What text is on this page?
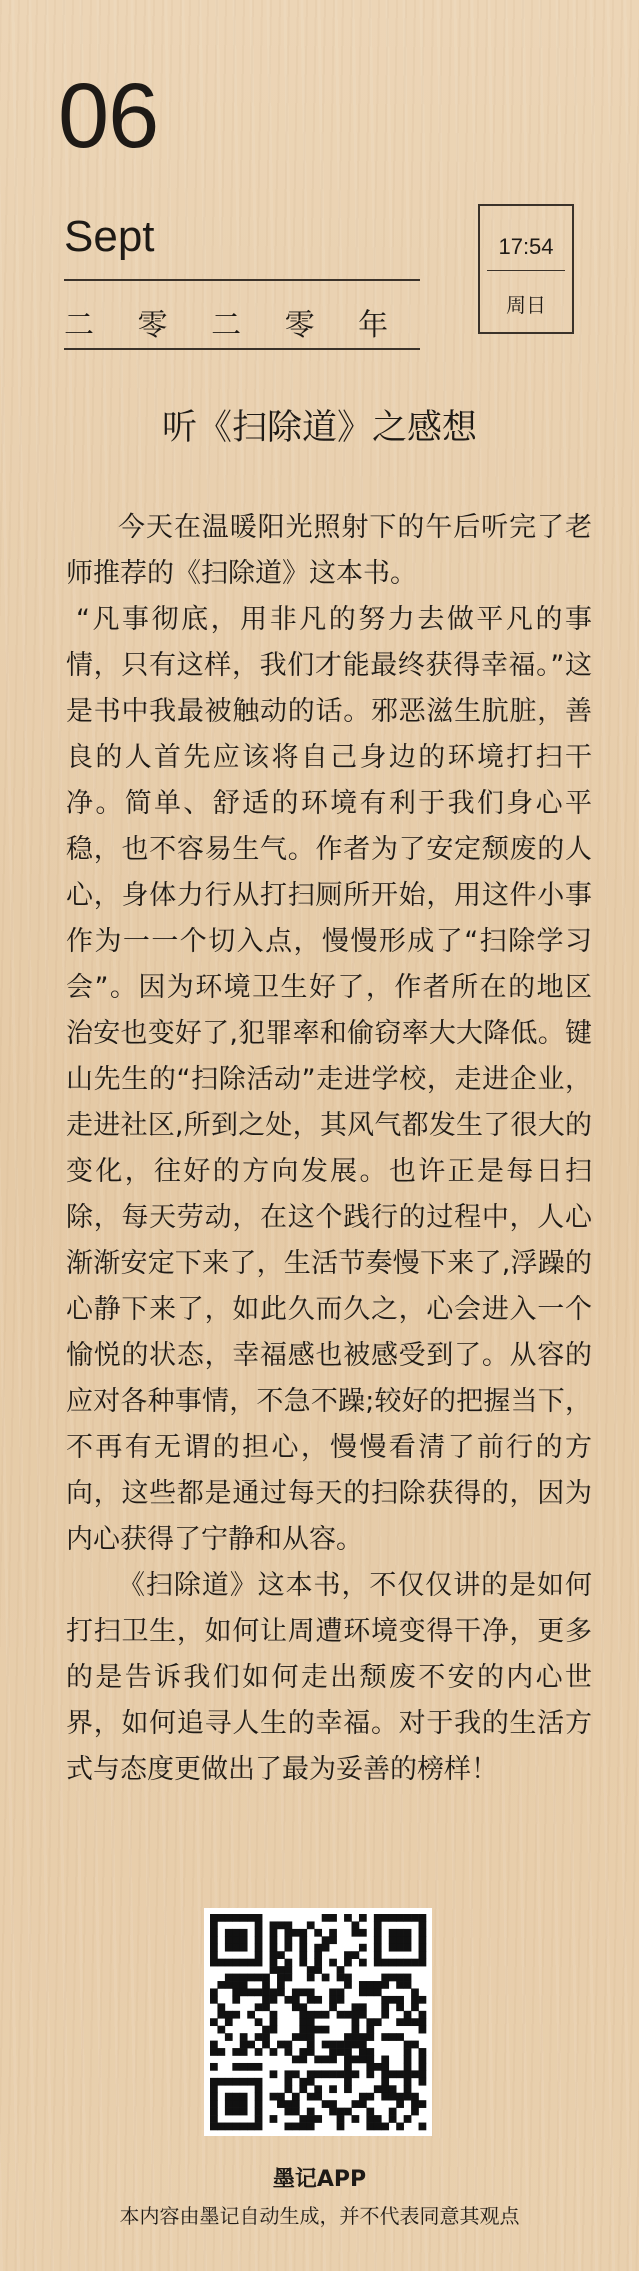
06
Sept
二 零 二 零 年
17:54
周日
听《扫除道》之感想

今天在温暖阳光照射下的午后听完了老师推荐的《扫除道》这本书。

“凡事彻底，用非凡的努力去做平凡的事情，只有这样，我们才能最终获得幸福。”这是书中我最被触动的话。邪恶滋生肮脏，善良的人首先应该将自己身边的环境打扫干净。简单、舒适的环境有利于我们身心平稳，也不容易生气。作者为了安定颓废的人心，身体力行从打扫厕所开始，用这件小事作为一一个切入点，慢慢形成了“扫除学习会”。因为环境卫生好了，作者所在的地区治安也变好了,犯罪率和偷窃率大大降低。键山先生的“扫除活动”走进学校，走进企业，走进社区,所到之处，其风气都发生了很大的变化，往好的方向发展。也许正是每日扫除，每天劳动，在这个践行的过程中，人心渐渐安定下来了，生活节奏慢下来了,浮躁的心静下来了，如此久而久之，心会进入一个愉悦的状态，幸福感也被感受到了。从容的应对各种事情，不急不躁;较好的把握当下，不再有无谓的担心，慢慢看清了前行的方向，这些都是通过每天的扫除获得的，因为内心获得了宁静和从容。

《扫除道》这本书，不仅仅讲的是如何打扫卫生，如何让周遭环境变得干净，更多的是告诉我们如何走出颓废不安的内心世界，如何追寻人生的幸福。对于我的生活方式与态度更做出了最为妥善的榜样！

墨记APP
本内容由墨记自动生成，并不代表同意其观点
